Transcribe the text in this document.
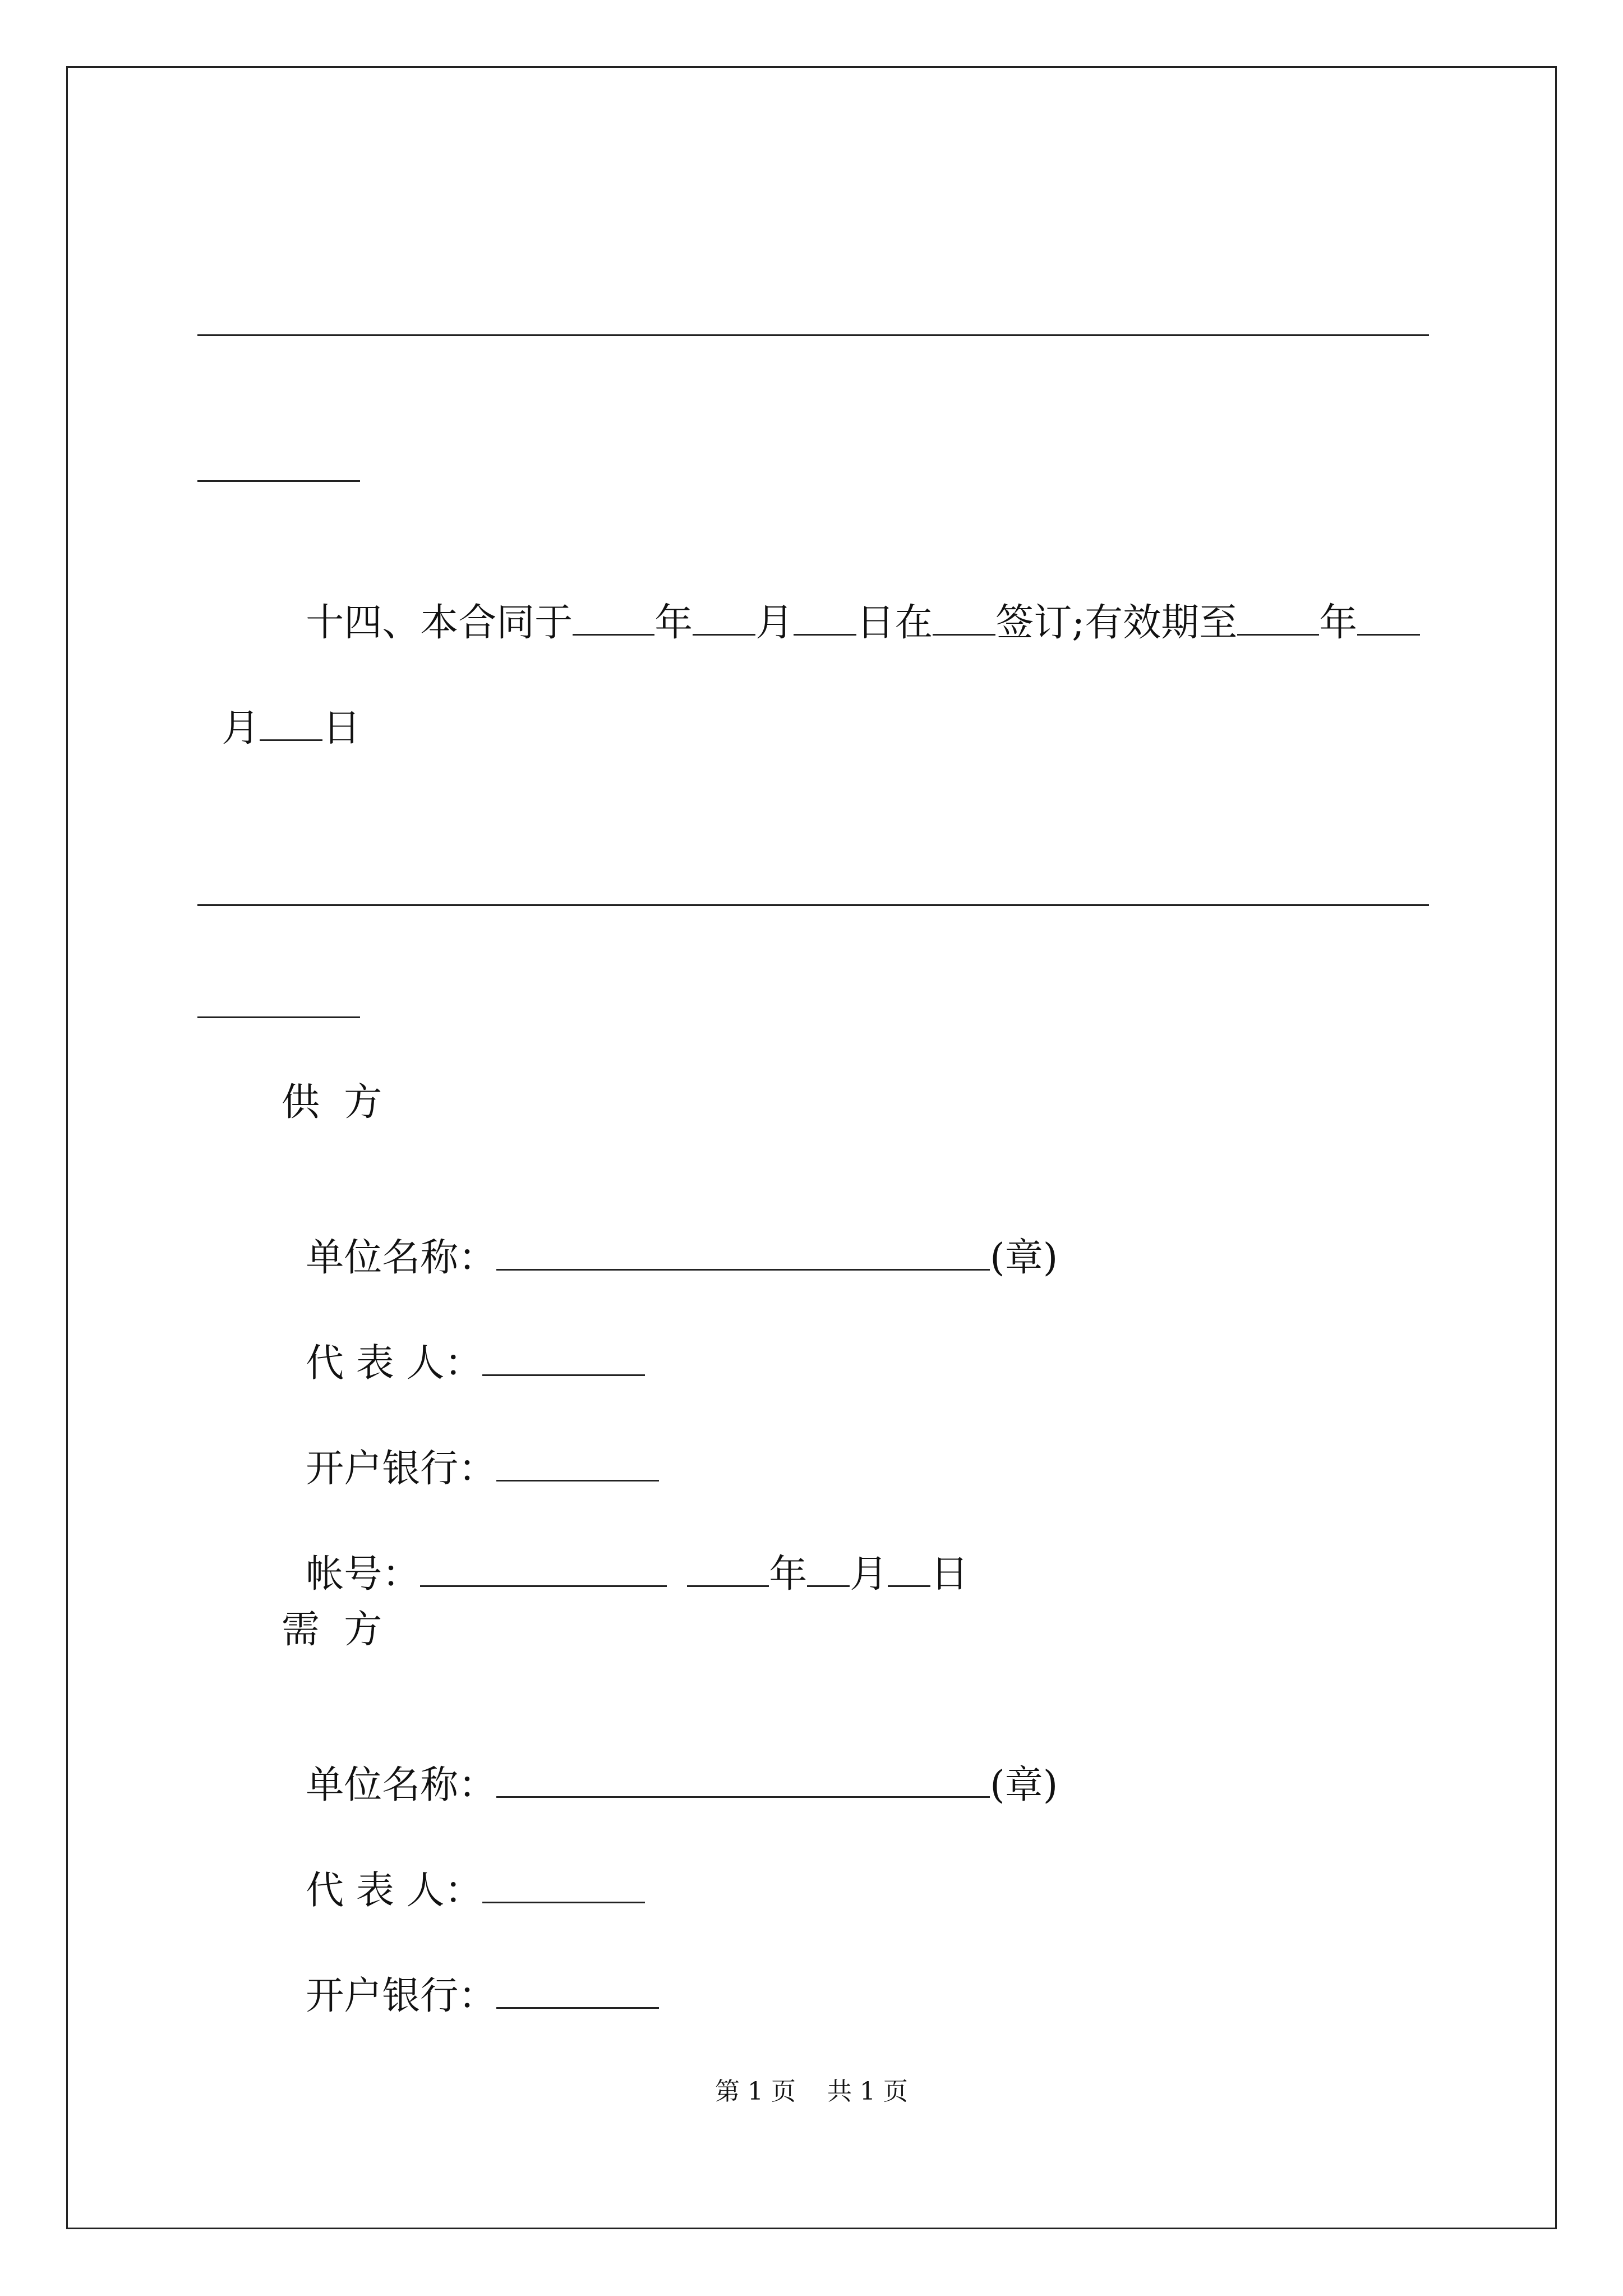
十四、本合同于 年 月 日在 签订;有效期至 年

月 日

供  方

单位名称：	(章)

代 表 人：

开户银行：

帐号：	年 月 日

需  方

单位名称：	(章)

代 表 人：

开户银行：

第 1 页    共 1 页
